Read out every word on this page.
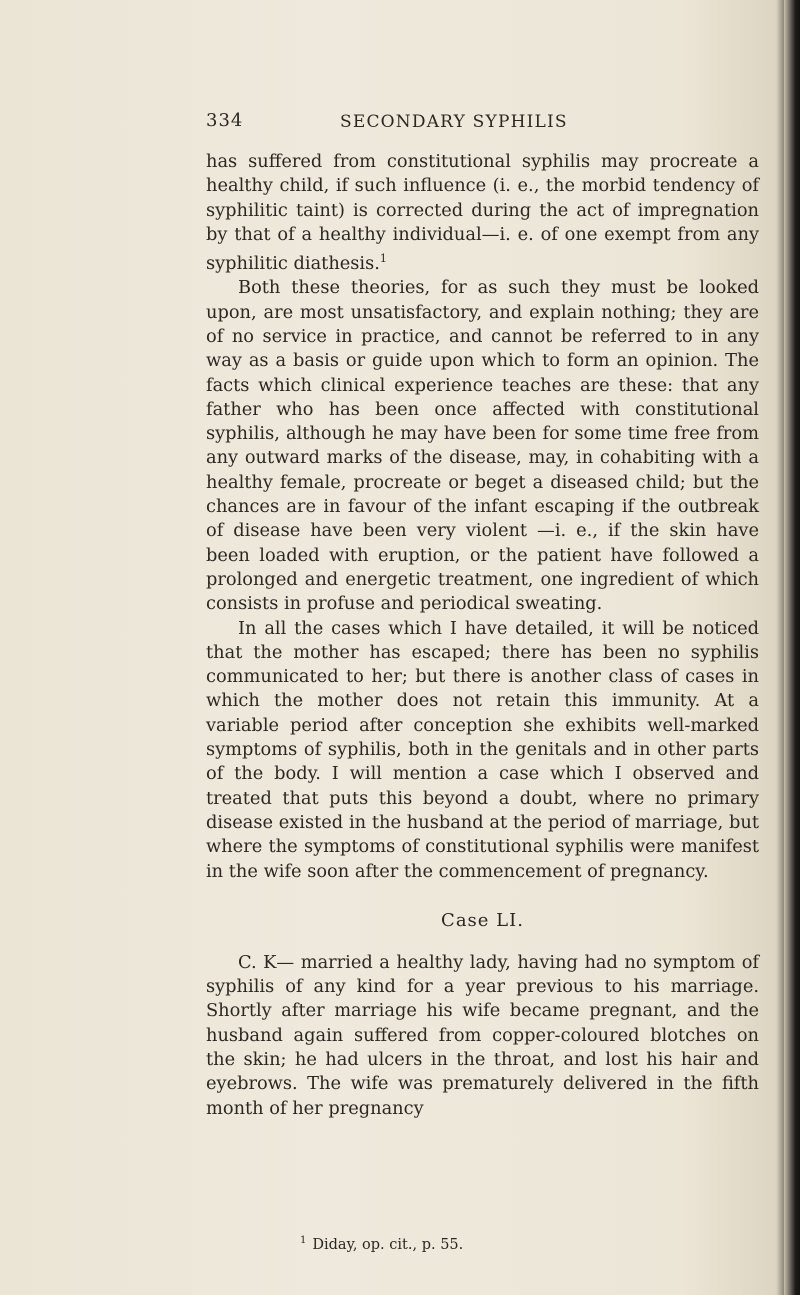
334	SECONDARY SYPHILIS

has suffered from constitutional syphilis may procreate a healthy child, if such influence (i. e., the morbid tendency of syphilitic taint) is corrected during the act of impregnation by that of a healthy individual—i. e. of one exempt from any syphilitic diathesis.$^1$

Both these theories, for as such they must be looked upon, are most unsatisfactory, and explain nothing; they are of no service in practice, and cannot be referred to in any way as a basis or guide upon which to form an opinion. The facts which clinical experience teaches are these: that any father who has been once affected with constitutional syphilis, although he may have been for some time free from any outward marks of the disease, may, in cohabiting with a healthy female, procreate or beget a diseased child; but the chances are in favour of the infant escaping if the outbreak of disease have been very violent —i. e., if the skin have been loaded with eruption, or the patient have followed a prolonged and energetic treatment, one ingredient of which consists in profuse and periodical sweating.

In all the cases which I have detailed, it will be noticed that the mother has escaped; there has been no syphilis communicated to her; but there is another class of cases in which the mother does not retain this immunity. At a variable period after conception she exhibits well-marked symptoms of syphilis, both in the genitals and in other parts of the body. I will mention a case which I observed and treated that puts this beyond a doubt, where no primary disease existed in the husband at the period of marriage, but where the symptoms of constitutional syphilis were manifest in the wife soon after the commencement of pregnancy.

Case LI.

C. K— married a healthy lady, having had no symptom of syphilis of any kind for a year previous to his marriage. Shortly after marriage his wife became pregnant, and the husband again suffered from copper-coloured blotches on the skin; he had ulcers in the throat, and lost his hair and eyebrows. The wife was prematurely delivered in the fifth month of her pregnancy

$^1$ Diday, op. cit., p. 55.
